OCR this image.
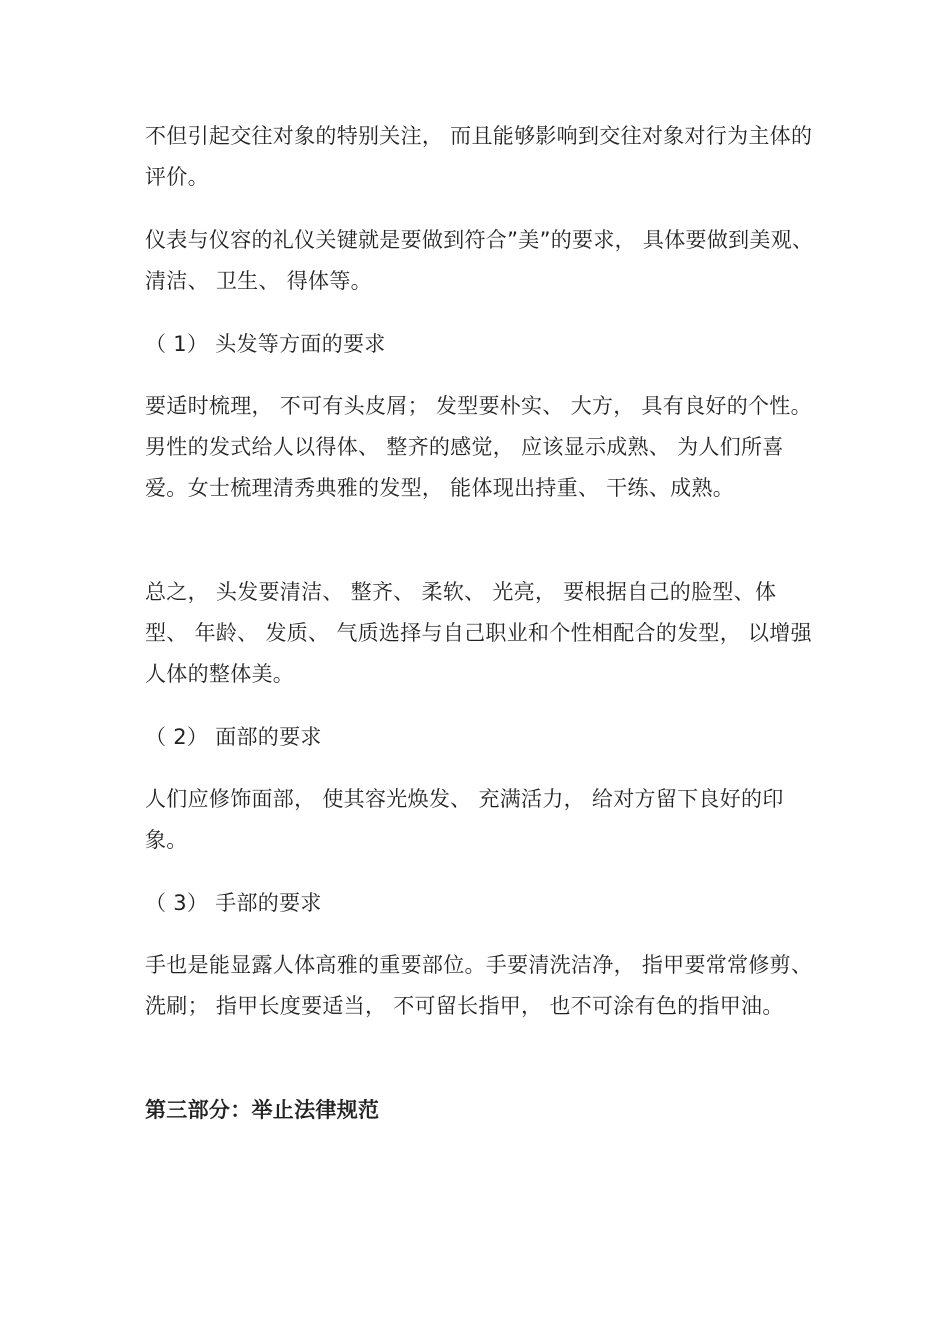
不但引起交往对象的特别关注， 而且能够影响到交往对象对行为主体的评价。

仪表与仪容的礼仪关键就是要做到符合”美”的要求， 具体要做到美观、 清洁、 卫生、 得体等。

（ 1） 头发等方面的要求

要适时梳理， 不可有头皮屑； 发型要朴实、 大方， 具有良好的个性。男性的发式给人以得体、 整齐的感觉， 应该显示成熟、 为人们所喜爱。女士梳理清秀典雅的发型， 能体现出持重、 干练、成熟。

总之， 头发要清洁、 整齐、 柔软、 光亮， 要根据自己的脸型、体型、 年龄、 发质、 气质选择与自己职业和个性相配合的发型， 以增强人体的整体美。

（ 2） 面部的要求

人们应修饰面部， 使其容光焕发、 充满活力， 给对方留下良好的印象。

（ 3） 手部的要求

手也是能显露人体高雅的重要部位。手要清洗洁净， 指甲要常常修剪、 洗刷； 指甲长度要适当， 不可留长指甲， 也不可涂有色的指甲油。

第三部分：举止法律规范
